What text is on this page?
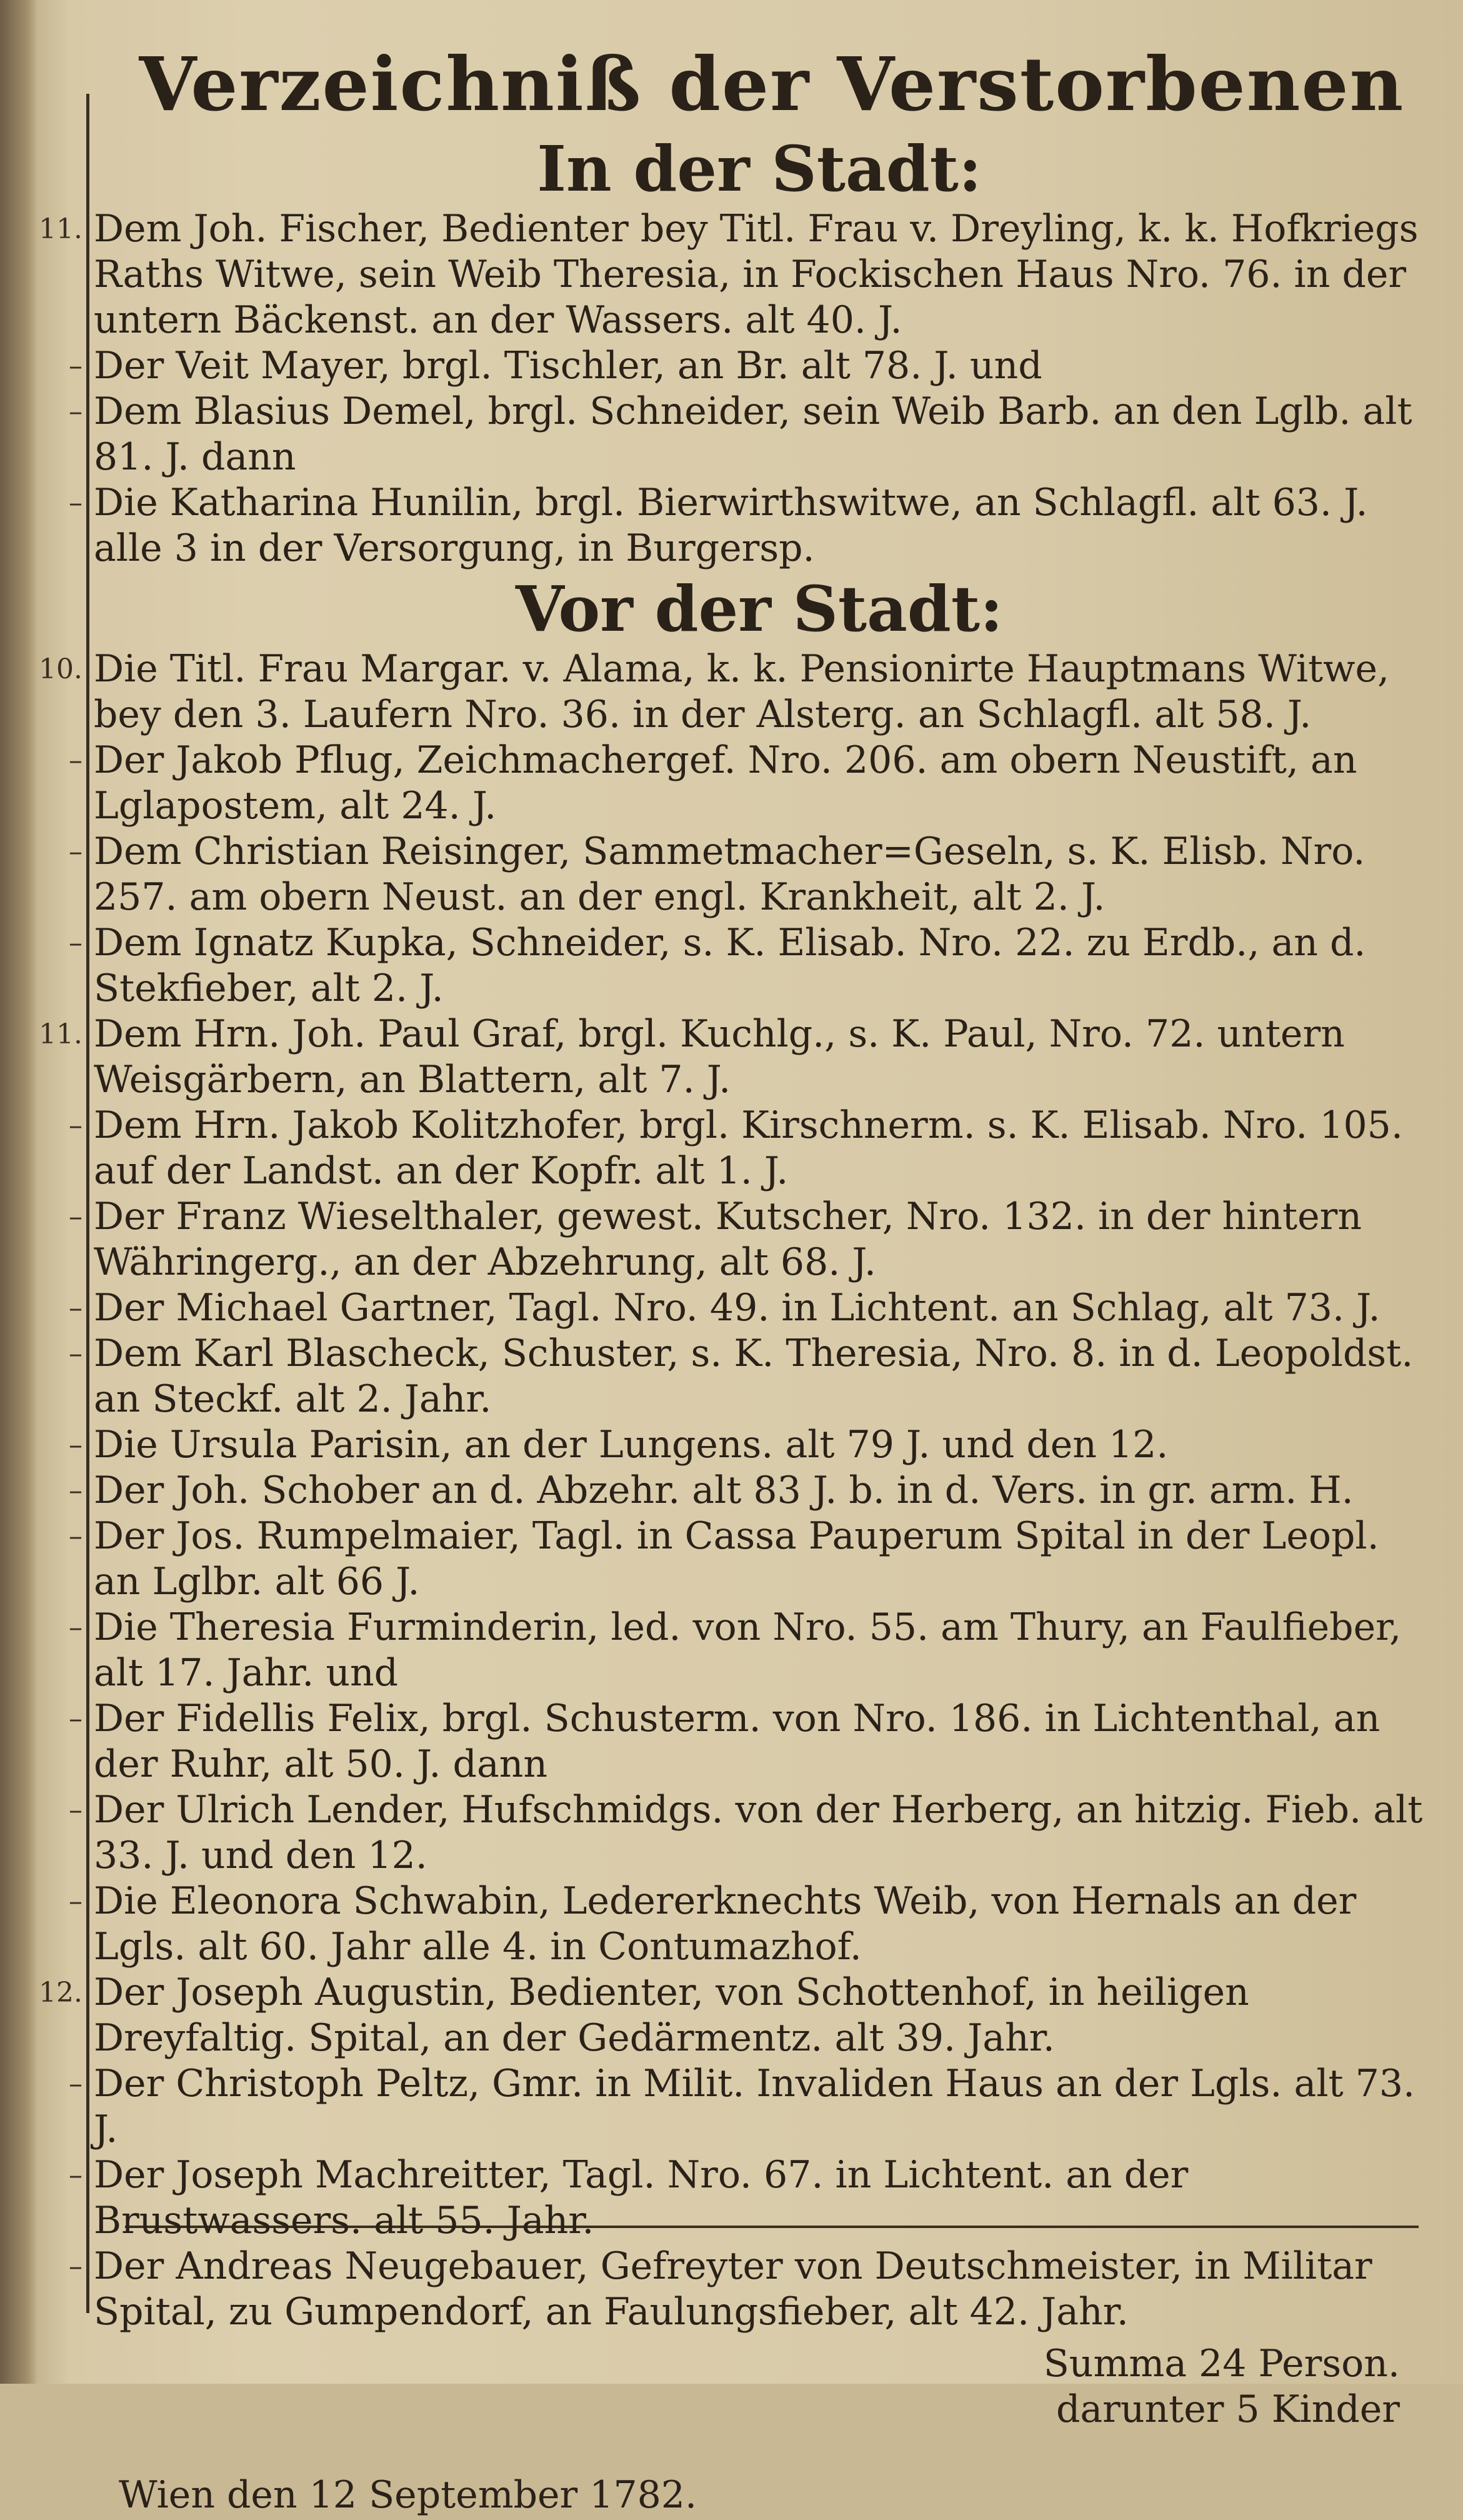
Verzeichniß der Verstorbenen
In der Stadt:
11. Dem Joh. Fischer, Bedienter bey Titl. Frau v. Dreyling, k. k. Hofkriegs Raths Witwe, sein Weib Theresia, in Fockischen Haus Nro. 76. in der untern Bäckenst. an der Wassers. alt 40. J.
– Der Veit Mayer, brgl. Tischler, an Br. alt 78. J. und
– Dem Blasius Demel, brgl. Schneider, sein Weib Barb. an den Lglb. alt 81. J. dann
– Die Katharina Hunilin, brgl. Bierwirthswitwe, an Schlagfl. alt 63. J. alle 3 in der Versorgung, in Burgersp.
Vor der Stadt:
10. Die Titl. Frau Margar. v. Alama, k. k. Pensionirte Hauptmans Witwe, bey den 3. Laufern Nro. 36. in der Alsterg. an Schlagfl. alt 58. J.
– Der Jakob Pflug, Zeichmachergef. Nro. 206. am obern Neustift, an Lglapostem, alt 24. J.
– Dem Christian Reisinger, Sammetmacher=Geseln, s. K. Elisb. Nro. 257. am obern Neust. an der engl. Krankheit, alt 2. J.
– Dem Ignatz Kupka, Schneider, s. K. Elisab. Nro. 22. zu Erdb., an d. Stekfieber, alt 2. J.
11. Dem Hrn. Joh. Paul Graf, brgl. Kuchlg., s. K. Paul, Nro. 72. untern Weisgärbern, an Blattern, alt 7. J.
– Dem Hrn. Jakob Kolitzhofer, brgl. Kirschnerm. s. K. Elisab. Nro. 105. auf der Landst. an der Kopfr. alt 1. J.
– Der Franz Wieselthaler, gewest. Kutscher, Nro. 132. in der hintern Währingerg., an der Abzehrung, alt 68. J.
– Der Michael Gartner, Tagl. Nro. 49. in Lichtent. an Schlag, alt 73. J.
– Dem Karl Blascheck, Schuster, s. K. Theresia, Nro. 8. in d. Leopoldst. an Steckf. alt 2. Jahr.
– Die Ursula Parisin, an der Lungens. alt 79 J. und den 12.
– Der Joh. Schober an d. Abzehr. alt 83 J. b. in d. Vers. in gr. arm. H.
– Der Jos. Rumpelmaier, Tagl. in Cassa Pauperum Spital in der Leopl. an Lglbr. alt 66 J.
– Die Theresia Furminderin, led. von Nro. 55. am Thury, an Faulfieber, alt 17. Jahr. und
– Der Fidellis Felix, brgl. Schusterm. von Nro. 186. in Lichtenthal, an der Ruhr, alt 50. J. dann
– Der Ulrich Lender, Hufschmidgs. von der Herberg, an hitzig. Fieb. alt 33. J. und den 12.
– Die Eleonora Schwabin, Ledererknechts Weib, von Hernals an der Lgls. alt 60. Jahr alle 4. in Contumazhof.
12. Der Joseph Augustin, Bedienter, von Schottenhof, in heiligen Dreyfaltig. Spital, an der Gedärmentz. alt 39. Jahr.
– Der Christoph Peltz, Gmr. in Milit. Invaliden Haus an der Lgls. alt 73. J.
– Der Joseph Machreitter, Tagl. Nro. 67. in Lichtent. an der Brustwassers. alt 55. Jahr.
– Der Andreas Neugebauer, Gefreyter von Deutschmeister, in Militar Spital, zu Gumpendorf, an Faulungsfieber, alt 42. Jahr.
Summa 24 Person.
darunter 5 Kinder
Wien den 12 September 1782.
